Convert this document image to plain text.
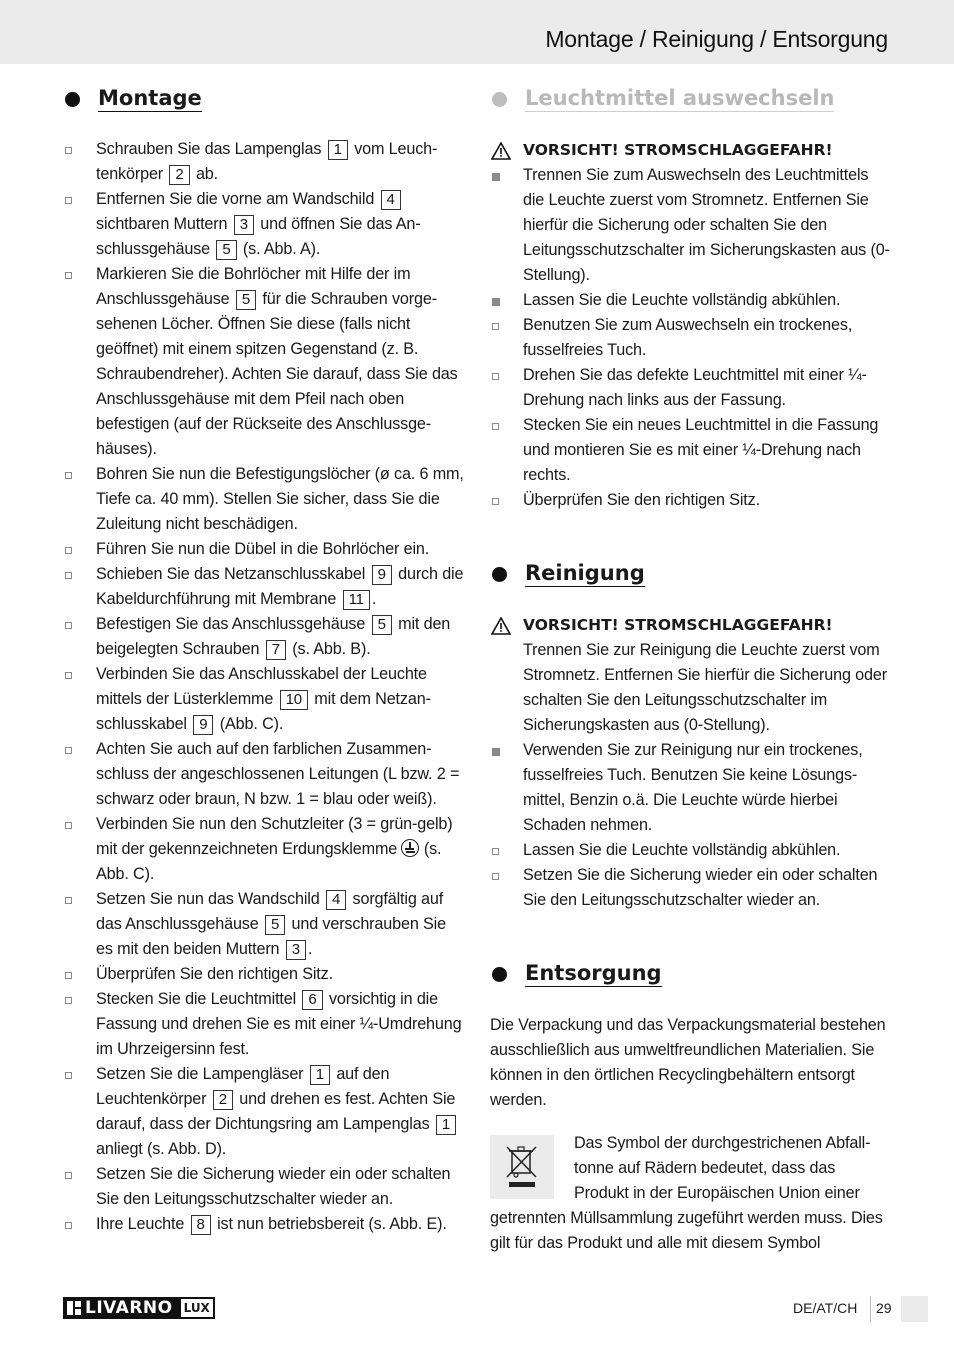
Montage / Reinigung / Entsorgung
Montage
Schrauben Sie das Lampenglas 1 vom Leuchtenkörper 2 ab.
Entfernen Sie die vorne am Wandschild 4 sichtbaren Muttern 3 und öffnen Sie das Anschlussgehäuse 5 (s. Abb. A).
Markieren Sie die Bohrlöcher mit Hilfe der im Anschlussgehäuse 5 für die Schrauben vorgesehenen Löcher. Öffnen Sie diese (falls nicht geöffnet) mit einem spitzen Gegenstand (z. B. Schraubendreher). Achten Sie darauf, dass Sie das Anschlussgehäuse mit dem Pfeil nach oben befestigen (auf der Rückseite des Anschlussgehäuses).
Bohren Sie nun die Befestigungslöcher (ø ca. 6 mm, Tiefe ca. 40 mm). Stellen Sie sicher, dass Sie die Zuleitung nicht beschädigen.
Führen Sie nun die Dübel in die Bohrlöcher ein.
Schieben Sie das Netzanschlusskabel 9 durch die Kabeldurchführung mit Membrane 11 .
Befestigen Sie das Anschlussgehäuse 5 mit den beigelegten Schrauben 7 (s. Abb. B).
Verbinden Sie das Anschlusskabel der Leuchte mittels der Lüsterklemme 10 mit dem Netzanschlusskabel 9 (Abb. C).
Achten Sie auch auf den farblichen Zusammenschluss der angeschlossenen Leitungen (L bzw. 2 = schwarz oder braun, N bzw. 1 = blau oder weiß).
Verbinden Sie nun den Schutzleiter (3 = grün-gelb) mit der gekennzeichneten Erdungsklemme  (s. Abb. C).
Setzen Sie nun das Wandschild 4 sorgfältig auf das Anschlussgehäuse 5 und verschrauben Sie es mit den beiden Muttern 3 .
Überprüfen Sie den richtigen Sitz.
Stecken Sie die Leuchtmittel 6 vorsichtig in die Fassung und drehen Sie es mit einer ¼-Umdrehung im Uhrzeigersinn fest.
Setzen Sie die Lampengläser 1 auf den Leuchtenkörper 2 und drehen es fest. Achten Sie darauf, dass der Dichtungsring am Lampenglas 1 anliegt (s. Abb. D).
Setzen Sie die Sicherung wieder ein oder schalten Sie den Leitungsschutzschalter wieder an.
Ihre Leuchte 8 ist nun betriebsbereit (s. Abb. E).
Leuchtmittel auswechseln
VORSICHT! STROMSCHLAGGEFAHR!
Trennen Sie zum Auswechseln des Leuchtmittels die Leuchte zuerst vom Stromnetz. Entfernen Sie hierfür die Sicherung oder schalten Sie den Leitungsschutzschalter im Sicherungskasten aus (0-Stellung).
Lassen Sie die Leuchte vollständig abkühlen.
Benutzen Sie zum Auswechseln ein trockenes, fusselfreies Tuch.
Drehen Sie das defekte Leuchtmittel mit einer ¼-Drehung nach links aus der Fassung.
Stecken Sie ein neues Leuchtmittel in die Fassung und montieren Sie es mit einer ¼-Drehung nach rechts.
Überprüfen Sie den richtigen Sitz.
Reinigung
VORSICHT! STROMSCHLAGGEFAHR!
Trennen Sie zur Reinigung die Leuchte zuerst vom Stromnetz. Entfernen Sie hierfür die Sicherung oder schalten Sie den Leitungsschutzschalter im Sicherungskasten aus (0-Stellung).
Verwenden Sie zur Reinigung nur ein trockenes, fusselfreies Tuch. Benutzen Sie keine Lösungsmittel, Benzin o.ä. Die Leuchte würde hierbei Schaden nehmen.
Lassen Sie die Leuchte vollständig abkühlen.
Setzen Sie die Sicherung wieder ein oder schalten Sie den Leitungsschutzschalter wieder an.
Entsorgung
Die Verpackung und das Verpackungsmaterial bestehen ausschließlich aus umweltfreundlichen Materialien. Sie können in den örtlichen Recyclingbehältern entsorgt werden.
Das Symbol der durchgestrichenen Abfalltonne auf Rädern bedeutet, dass das Produkt in der Europäischen Union einer getrennten Müllsammlung zugeführt werden muss. Dies gilt für das Produkt und alle mit diesem Symbol
LIVARNO LUX	DE/AT/CH 29
